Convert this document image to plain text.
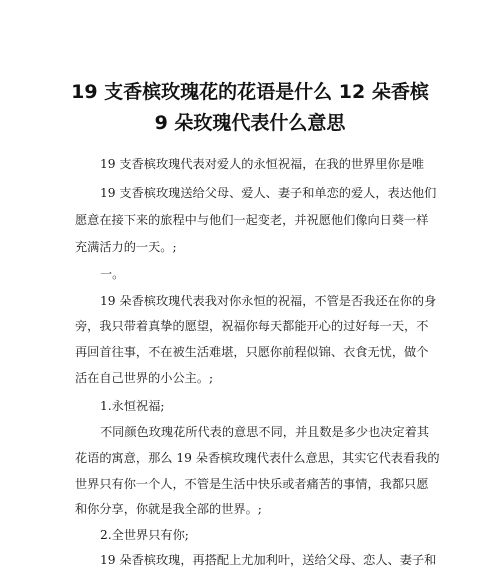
19 支香槟玫瑰花的花语是什么 12 朵香槟
9 朵玫瑰代表什么意思
19 支香槟玫瑰代表对爱人的永恒祝福，在我的世界里你是唯
19 支香槟玫瑰送给父母、爱人、妻子和单恋的爱人，表达他们
愿意在接下来的旅程中与他们一起变老，并祝愿他们像向日葵一样
充满活力的一天。;
一。
19 朵香槟玫瑰代表我对你永恒的祝福，不管是否我还在你的身
旁，我只带着真挚的愿望，祝福你每天都能开心的过好每一天，不
再回首往事，不在被生活难堪，只愿你前程似锦、衣食无忧，做个
活在自己世界的小公主。;
1.永恒祝福;
不同颜色玫瑰花所代表的意思不同，并且数是多少也决定着其
花语的寓意，那么 19 朵香槟玫瑰代表什么意思，其实它代表看我的
世界只有你一个人，不管是生活中快乐或者痛苦的事情，我都只愿
和你分享，你就是我全部的世界。;
2.全世界只有你;
19 朵香槟玫瑰，再搭配上尤加利叶，送给父母、恋人、妻子和
